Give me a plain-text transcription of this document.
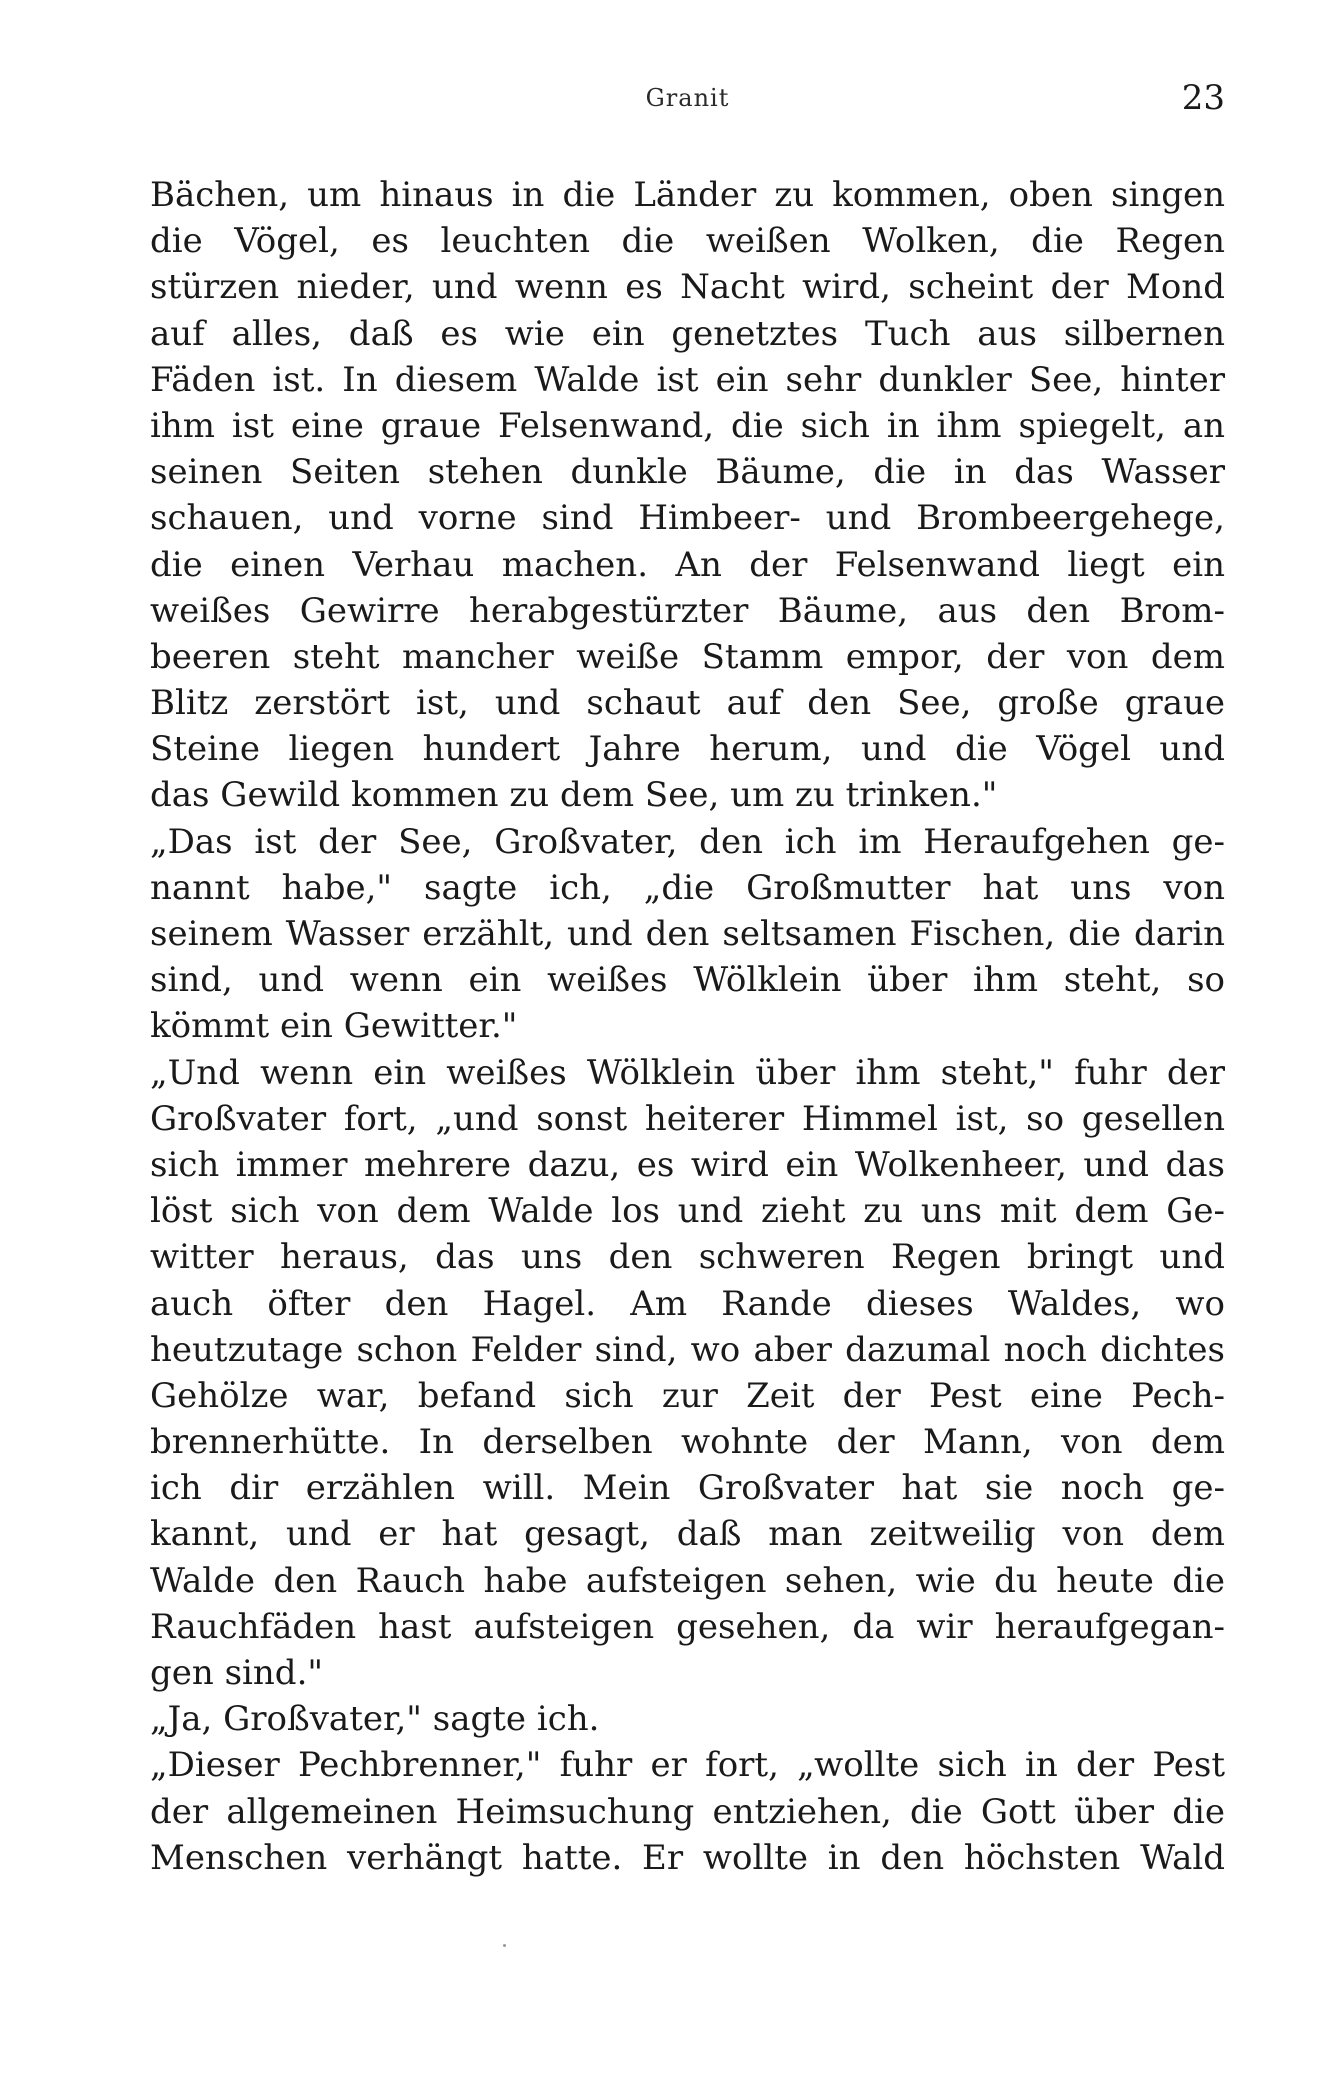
Granit	23
Bächen, um hinaus in die Länder zu kommen, oben singen
die Vögel, es leuchten die weißen Wolken, die Regen
stürzen nieder, und wenn es Nacht wird, scheint der Mond
auf alles, daß es wie ein genetztes Tuch aus silbernen
Fäden ist. In diesem Walde ist ein sehr dunkler See, hinter
ihm ist eine graue Felsenwand, die sich in ihm spiegelt, an
seinen Seiten stehen dunkle Bäume, die in das Wasser
schauen, und vorne sind Himbeer- und Brombeergehege,
die einen Verhau machen. An der Felsenwand liegt ein
weißes Gewirre herabgestürzter Bäume, aus den Brom-
beeren steht mancher weiße Stamm empor, der von dem
Blitz zerstört ist, und schaut auf den See, große graue
Steine liegen hundert Jahre herum, und die Vögel und
das Gewild kommen zu dem See, um zu trinken."
„Das ist der See, Großvater, den ich im Heraufgehen ge-
nannt habe," sagte ich, „die Großmutter hat uns von
seinem Wasser erzählt, und den seltsamen Fischen, die darin
sind, und wenn ein weißes Wölklein über ihm steht, so
kömmt ein Gewitter."
„Und wenn ein weißes Wölklein über ihm steht," fuhr der
Großvater fort, „und sonst heiterer Himmel ist, so gesellen
sich immer mehrere dazu, es wird ein Wolkenheer, und das
löst sich von dem Walde los und zieht zu uns mit dem Ge-
witter heraus, das uns den schweren Regen bringt und
auch öfter den Hagel. Am Rande dieses Waldes, wo
heutzutage schon Felder sind, wo aber dazumal noch dichtes
Gehölze war, befand sich zur Zeit der Pest eine Pech-
brennerhütte. In derselben wohnte der Mann, von dem
ich dir erzählen will. Mein Großvater hat sie noch ge-
kannt, und er hat gesagt, daß man zeitweilig von dem
Walde den Rauch habe aufsteigen sehen, wie du heute die
Rauchfäden hast aufsteigen gesehen, da wir heraufgegan-
gen sind."
„Ja, Großvater," sagte ich.
„Dieser Pechbrenner," fuhr er fort, „wollte sich in der Pest
der allgemeinen Heimsuchung entziehen, die Gott über die
Menschen verhängt hatte. Er wollte in den höchsten Wald
